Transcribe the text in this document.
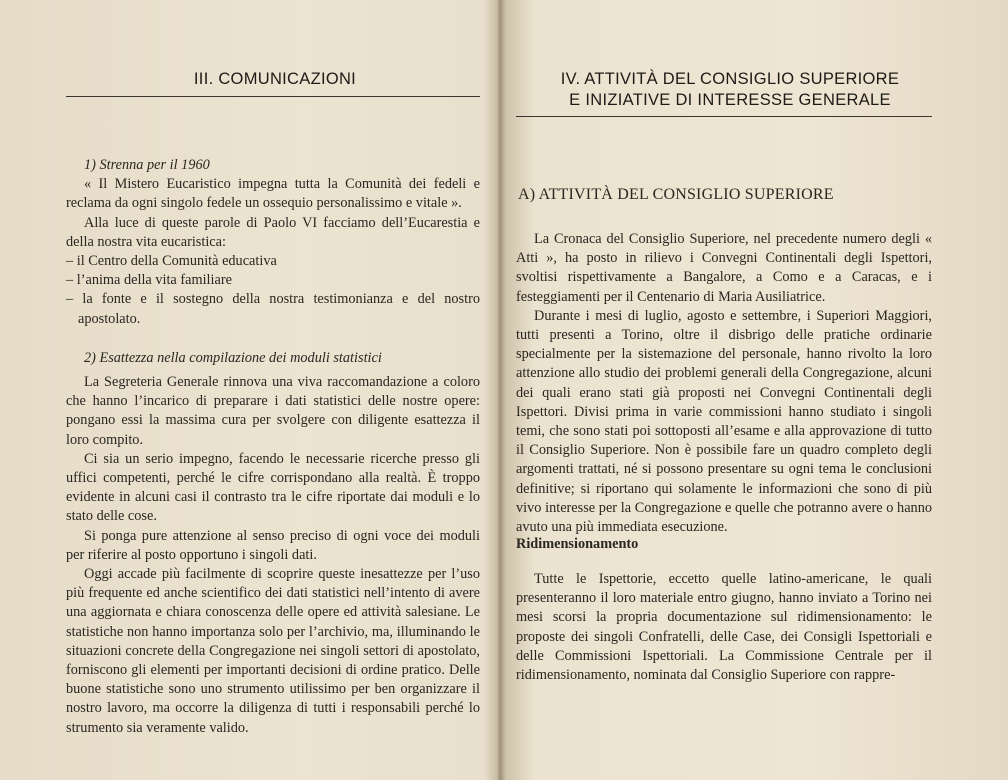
III. COMUNICAZIONI

1) Strenna per il 1960

« Il Mistero Eucaristico impegna tutta la Comunità dei fedeli e reclama da ogni singolo fedele un ossequio personalissimo e vitale ».

Alla luce di queste parole di Paolo VI facciamo dell’Eucarestia e della nostra vita eucaristica:

– il Centro della Comunità educativa
– l’anima della vita familiare
– la fonte e il sostegno della nostra testimonianza e del nostro apostolato.

2) Esattezza nella compilazione dei moduli statistici

La Segreteria Generale rinnova una viva raccomandazione a coloro che hanno l’incarico di preparare i dati statistici delle nostre opere: pongano essi la massima cura per svolgere con diligente esattezza il loro compito.

Ci sia un serio impegno, facendo le necessarie ricerche presso gli uffici competenti, perché le cifre corrispondano alla realtà. È troppo evidente in alcuni casi il contrasto tra le cifre riportate dai moduli e lo stato delle cose.

Si ponga pure attenzione al senso preciso di ogni voce dei moduli per riferire al posto opportuno i singoli dati.

Oggi accade più facilmente di scoprire queste inesattezze per l’uso più frequente ed anche scientifico dei dati statistici nell’intento di avere una aggiornata e chiara conoscenza delle opere ed attività salesiane. Le statistiche non hanno importanza solo per l’archivio, ma, illuminando le situazioni concrete della Congregazione nei singoli settori di apostolato, forniscono gli elementi per importanti decisioni di ordine pratico. Delle buone statistiche sono uno strumento utilissimo per ben organizzare il nostro lavoro, ma occorre la diligenza di tutti i responsabili perché lo strumento sia veramente valido.

IV. ATTIVITÀ DEL CONSIGLIO SUPERIORE
E INIZIATIVE DI INTERESSE GENERALE
A) ATTIVITÀ DEL CONSIGLIO SUPERIORE

La Cronaca del Consiglio Superiore, nel precedente numero degli « Atti », ha posto in rilievo i Convegni Continentali degli Ispettori, svoltisi rispettivamente a Bangalore, a Como e a Caracas, e i festeggiamenti per il Centenario di Maria Ausiliatrice.

Durante i mesi di luglio, agosto e settembre, i Superiori Maggiori, tutti presenti a Torino, oltre il disbrigo delle pratiche ordinarie specialmente per la sistemazione del personale, hanno rivolto la loro attenzione allo studio dei problemi generali della Congregazione, alcuni dei quali erano stati già proposti nei Convegni Continentali degli Ispettori. Divisi prima in varie commissioni hanno studiato i singoli temi, che sono stati poi sottoposti all’esame e alla approvazione di tutto il Consiglio Superiore. Non è possibile fare un quadro completo degli argomenti trattati, né si possono presentare su ogni tema le conclusioni definitive; si riportano qui solamente le informazioni che sono di più vivo interesse per la Congregazione e quelle che potranno avere o hanno avuto una più immediata esecuzione.

Ridimensionamento

Tutte le Ispettorie, eccetto quelle latino-americane, le quali presenteranno il loro materiale entro giugno, hanno inviato a Torino nei mesi scorsi la propria documentazione sul ridimensionamento: le proposte dei singoli Confratelli, delle Case, dei Consigli Ispettoriali e delle Commissioni Ispettoriali. La Commissione Centrale per il ridimensionamento, nominata dal Consiglio Superiore con rappre-
